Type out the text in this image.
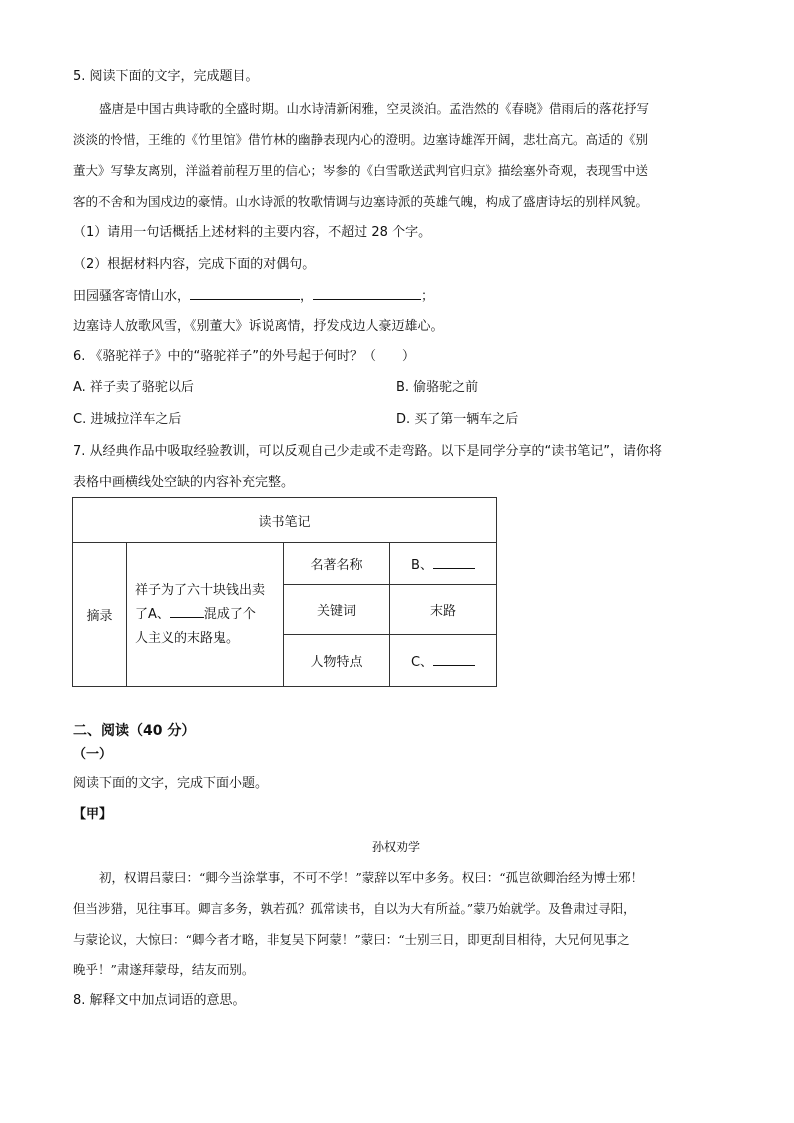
5. 阅读下面的文字，完成题目。
盛唐是中国古典诗歌的全盛时期。山水诗清新闲雅，空灵淡泊。孟浩然的《春晓》借雨后的落花抒写
淡淡的怜惜，王维的《竹里馆》借竹林的幽静表现内心的澄明。边塞诗雄浑开阔，悲壮高亢。高适的《别
董大》写挚友离别，洋溢着前程万里的信心；岑参的《白雪歌送武判官归京》描绘塞外奇观，表现雪中送
客的不舍和为国戍边的豪情。山水诗派的牧歌情调与边塞诗派的英雄气魄，构成了盛唐诗坛的别样风貌。
（1）请用一句话概括上述材料的主要内容，不超过 28 个字。
（2）根据材料内容，完成下面的对偶句。
田园骚客寄情山水，	，	；
边塞诗人放歌风雪，《别董大》诉说离情，抒发戍边人豪迈雄心。
6. 《骆驼祥子》中的“骆驼祥子”的外号起于何时？（　　）
A. 祥子卖了骆驼以后	B. 偷骆驼之前
C. 进城拉洋车之后	D. 买了第一辆车之后
7. 从经典作品中吸取经验教训，可以反观自己少走或不走弯路。以下是同学分享的“读书笔记”，请你将
表格中画横线处空缺的内容补充完整。
读书笔记			
摘录	祥子为了六十块钱出卖
了A、 混成了个
人主义的末路鬼。	名著名称	B、
		关键词	末路
		人物特点	C、
二、阅读（40 分）
（一）
阅读下面的文字，完成下面小题。
【甲】
孙权劝学
初，权谓吕蒙曰：“卿今当涂掌事，不可不学！”蒙辞以军中多务。权曰：“孤岂欲卿治经为博士邪！
但当涉猎，见往事耳。卿言多务，孰若孤？孤常读书，自以为大有所益。”蒙乃始就学。及鲁肃过寻阳，
与蒙论议，大惊曰：“卿今者才略，非复吴下阿蒙！”蒙曰：“士别三日，即更刮目相待，大兄何见事之
晚乎！”肃遂拜蒙母，结友而别。
8. 解释文中加点词语的意思。
